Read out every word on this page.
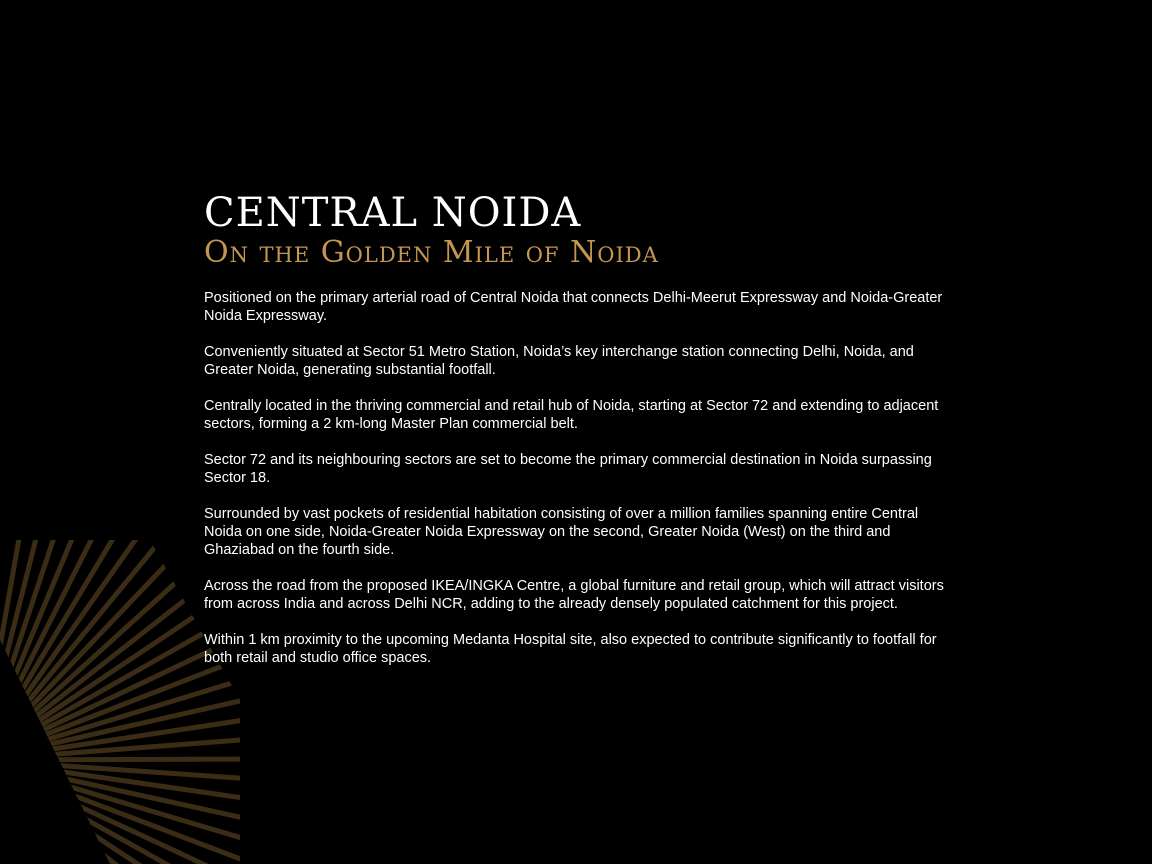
CENTRAL NOIDA
On the Golden Mile of Noida

Positioned on the primary arterial road of Central Noida that connects Delhi-Meerut Expressway and Noida-Greater Noida Expressway.

Conveniently situated at Sector 51 Metro Station, Noida’s key interchange station connecting Delhi, Noida, and Greater Noida, generating substantial footfall.

Centrally located in the thriving commercial and retail hub of Noida, starting at Sector 72 and extending to adjacent sectors, forming a 2 km-long Master Plan commercial belt.

Sector 72 and its neighbouring sectors are set to become the primary commercial destination in Noida surpassing Sector 18.

Surrounded by vast pockets of residential habitation consisting of over a million families spanning entire Central Noida on one side, Noida-Greater Noida Expressway on the second, Greater Noida (West) on the third and Ghaziabad on the fourth side.

Across the road from the proposed IKEA/INGKA Centre, a global furniture and retail group, which will attract visitors from across India and across Delhi NCR, adding to the already densely populated catchment for this project.

Within 1 km proximity to the upcoming Medanta Hospital site, also expected to contribute significantly to footfall for both retail and studio office spaces.
